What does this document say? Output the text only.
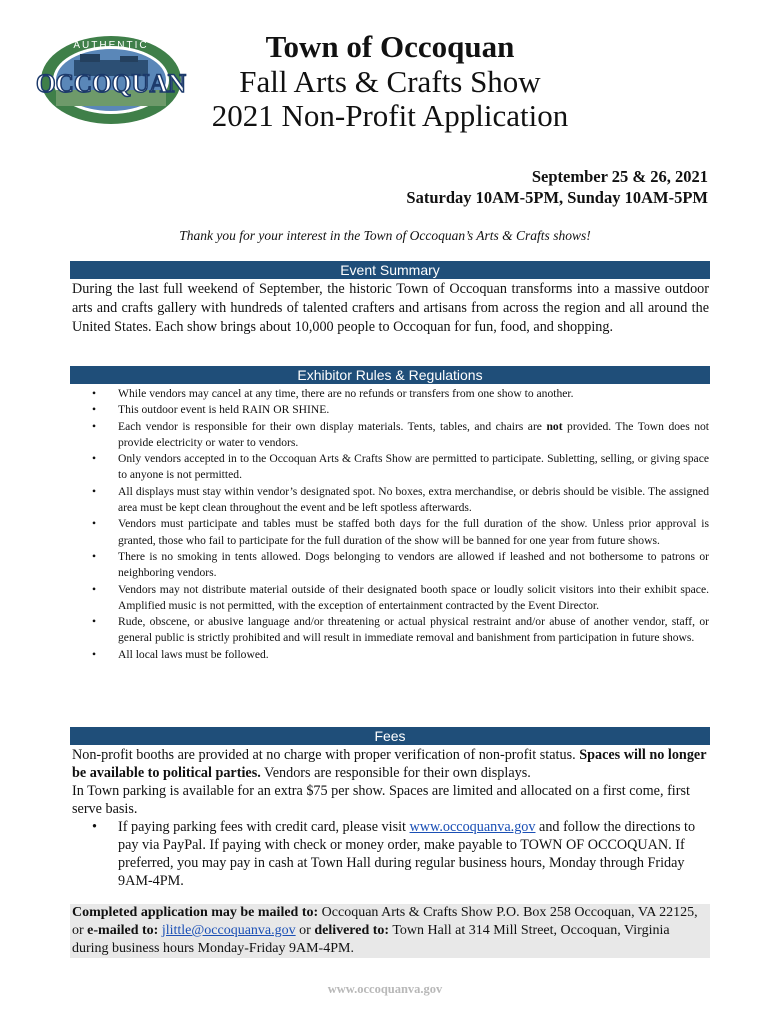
AUTHENTIC
OCCOQUAN
Town of Occoquan
Fall Arts & Crafts Show
2021 Non-Profit Application
September 25 & 26, 2021
Saturday 10AM-5PM, Sunday 10AM-5PM
Thank you for your interest in the Town of Occoquan’s Arts & Crafts shows!
Event Summary
During the last full weekend of September, the historic Town of Occoquan transforms into a massive outdoor arts and crafts gallery with hundreds of talented crafters and artisans from across the region and all around the United States. Each show brings about 10,000 people to Occoquan for fun, food, and shopping.
Exhibitor Rules & Regulations
• While vendors may cancel at any time, there are no refunds or transfers from one show to another.
• This outdoor event is held RAIN OR SHINE.
• Each vendor is responsible for their own display materials. Tents, tables, and chairs are not provided. The Town does not provide electricity or water to vendors.
• Only vendors accepted in to the Occoquan Arts & Crafts Show are permitted to participate. Subletting, selling, or giving space to anyone is not permitted.
• All displays must stay within vendor’s designated spot. No boxes, extra merchandise, or debris should be visible. The assigned area must be kept clean throughout the event and be left spotless afterwards.
• Vendors must participate and tables must be staffed both days for the full duration of the show. Unless prior approval is granted, those who fail to participate for the full duration of the show will be banned for one year from future shows.
• There is no smoking in tents allowed. Dogs belonging to vendors are allowed if leashed and not bothersome to patrons or neighboring vendors.
• Vendors may not distribute material outside of their designated booth space or loudly solicit visitors into their exhibit space. Amplified music is not permitted, with the exception of entertainment contracted by the Event Director.
• Rude, obscene, or abusive language and/or threatening or actual physical restraint and/or abuse of another vendor, staff, or general public is strictly prohibited and will result in immediate removal and banishment from participation in future shows.
• All local laws must be followed.
Fees

Non-profit booths are provided at no charge with proper verification of non-profit status. Spaces will no longer be available to political parties. Vendors are responsible for their own displays.

In Town parking is available for an extra $75 per show. Spaces are limited and allocated on a first come, first serve basis.

• If paying parking fees with credit card, please visit www.occoquanva.gov and follow the directions to pay via PayPal. If paying with check or money order, make payable to TOWN OF OCCOQUAN. If preferred, you may pay in cash at Town Hall during regular business hours, Monday through Friday 9AM-4PM.

Completed application may be mailed to: Occoquan Arts & Crafts Show P.O. Box 258 Occoquan, VA 22125, or e-mailed to: jlittle@occoquanva.gov or delivered to: Town Hall at 314 Mill Street, Occoquan, Virginia during business hours Monday-Friday 9AM-4PM.
www.occoquanva.gov
